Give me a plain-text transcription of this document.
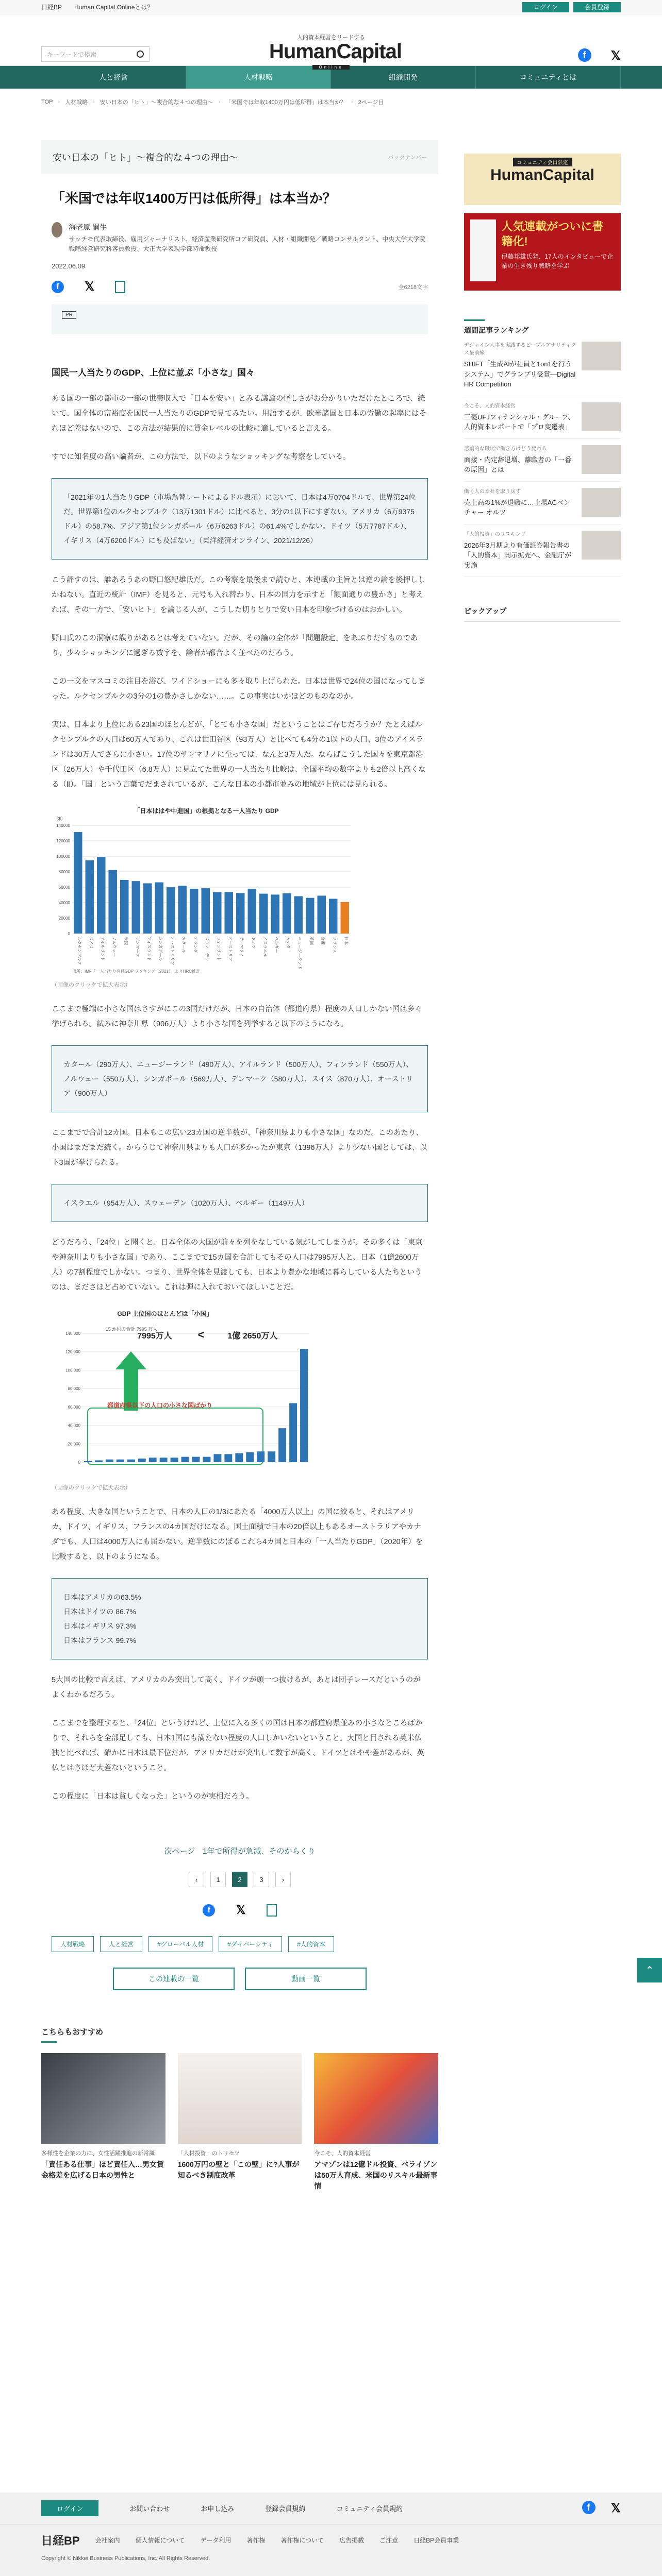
日経BP Human Capital Onlineとは？	ログイン	会員登録
キーワードで検索
人的資本経営をリードする
HumanCapital
Online
f	𝕏
人と経営	人材戦略	組織開発	コミュニティとは
TOP › 人材戦略 › 安い日本の「ヒト」〜複合的な４つの理由〜 › 「米国では年収1400万円は低所得」は本当か？ › 2ページ目
安い日本の「ヒト」〜複合的な４つの理由〜	バックナンバー
「米国では年収1400万円は低所得」は本当か？
海老原 嗣生
サッチモ代表取締役、雇用ジャーナリスト、経済産業研究所コア研究員、人材・組織開発／戦略コンサルタント、中央大学大学院戦略経営研究科客員教授、大正大学表現学部特命教授
2022.06.09
f	𝕏	全6218文字
PR
国民一人当たりのGDP、上位に並ぶ「小さな」国々

ある国の一部の都市の一部の世帯収入で「日本を安い」とみる議論の怪しさがお分かりいただけたところで、続いて、国全体の富裕度を国民一人当たりのGDPで見てみたい。用語するが、欧米諸国と日本の労働の起率にはそれほど差はないので、この方法が結果的に賃金レベルの比較に適していると言える。

すでに知名度の高い論者が、この方法で、以下のようなショッキングな考察をしている。

「2021年の1人当たりGDP（市場為替レートによるドル表示）において、日本は4万0704ドルで、世界第24位だ。世界第1位のルクセンブルク（13万1301ドル）に比べると、3分の1以下にすぎない。アメリカ（6万9375ドル）の58.7%、アジア第1位シンガポール（6万6263ドル）の61.4%でしかない。ドイツ（5万7787ドル）、イギリス（4万6200ドル）にも及ばない」（東洋経済オンライン、2021/12/26）

こう評すのは、誰あろうあの野口悠紀雄氏だ。この考察を最後まで読むと、本連載の主旨とは逆の論を後押ししかねない。直近の統計（IMF）を見ると、元号も入れ替わり、日本の国力を示すと「額面通りの豊かさ」と考えれば、その一方で、「安いヒト」を論じる人が、こうした切りとりで安い日本を印象づけるのはおかしい。

野口氏のこの洞察に誤りがあるとは考えていない。だが、その論の全体が「問題設定」をあぶりだすものであり、少々ショッキングに過ぎる数字を、論者が都合よく並べたのだろう。

この一文をマスコミの注目を浴び、ワイドショーにも多々取り上げられた。日本は世界で24位の国になってしまった。ルクセンブルクの3分の1の豊かさしかない……。この事実はいかほどのものなのか。

実は、日本より上位にある23国のほとんどが、「とても小さな国」だということはご存じだろうか？たとえばルクセンブルクの人口は60万人であり、これは世田谷区（93万人）と比べても4分の1以下の人口、3位のアイスランドは30万人でさらに小さい。17位のサンマリノに至っては、なんと3万人だ。ならばこうした国々を東京都港区（26万人）や千代田区（6.8万人）に見立てた世界の一人当たり比較は、全国平均の数字よりも2倍以上高くなる（Ⅱ）。「国」という言葉でだまされているが、こんな日本の小都市並みの地域が上位には見られる。

「日本ははや中進国」の根拠となる一人当たり GDP
（$）
0
20000
40000
60000
80000
100000
120000
140000
ルクセンブルク スイス アイルランド ノルウェー 米国 デンマーク アイスランド シンガポール オーストラリア カタール オランダ スウェーデン フィンランド オーストリア サンマリノ ドイツ イスラエル ベルギー カナダ ニュージーランド 英国 香港 フランス 日本
出所：IMF「一人当たり名目GDP ランキング（2021）」よりHRC推計
（画像のクリックで拡大表示）

ここまで極端に小さな国はさすがにこの3国だけだが、日本の自治体（都道府県）程度の人口しかない国は多々挙げられる。試みに神奈川県（906万人）より小さな国を列挙すると以下のようになる。

カタール（290万人）、ニュージーランド（490万人）、アイルランド（500万人）、フィンランド（550万人）、ノルウェー（550万人）、シンガポール（569万人）、デンマーク（580万人）、スイス（870万人）、オーストリア（900万人）

ここまでで合計12カ国。日本もこの広い23カ国の逆半数が、「神奈川県よりも小さな国」なのだ。このあたり、小国はまだまだ続く。からうじて神奈川県よりも人口が多かったが東京（1396万人）より少ない国としては、以下3国が挙げられる。

イスラエル（954万人）、スウェーデン（1020万人）、ベルギー（1149万人）

どうだろう、「24位」と聞くと、日本全体の大国が前々を列をなしている気がしてしまうが、その多くは「東京や神奈川よりも小さな国」であり、ここまでで15カ国を合計してもその人口は7995万人と、日本（1億2600万人）の7割程度でしかない。つまり、世界全体を見渡しても、日本より豊かな地域に暮らしている人たちというのは、まださほど占めていない。これは弾に入れておいてほしいことだ。

GDP 上位国のほとんどは「小国」
0
20,000
40,000
60,000
80,000
100,000
120,000
140,000	7995万人 <	1億 2650万人
15 か国の合計 7995 万人
都道府県以下の人口の小さな国ばかり
（画像のクリックで拡大表示）

ある程度、大きな国ということで、日本の人口の1/3にあたる「4000万人以上」の国に絞ると、それはアメリカ、ドイツ、イギリス、フランスの4カ国だけになる。国土面積で日本の20倍以上もあるオーストラリアやカナダでも、人口は4000万人にも届かない。逆半数にのぼるこれら4カ国と日本の「一人当たりGDP」（2020年）を比較すると、以下のようになる。

日本はアメリカの63.5%
日本はドイツの 86.7%
日本はイギリス 97.3%
日本はフランス 99.7%

5大国の比較で言えば、アメリカのみ突出して高く、ドイツが頭一つ抜けるが、あとは団子レースだというのがよくわかるだろう。

ここまでを整理すると、「24位」というけれど、上位に入る多くの国は日本の都道府県並みの小さなところばかりで、それらを全部足しても、日本1国にも満たない程度の人口しかいないということ。大国と目される英米仏独と比べれば、確かに日本は最下位だが、アメリカだけが突出して数字が高く、ドイツとはやや差があるが、英仏とはさほど大差ないということ。

この程度に「日本は貧しくなった」というのが実相だろう。

次ページ　1年で所得が急減、そのからくり
‹	1	2	3	›
f	𝕏
人材戦略	人と経営	#グローバル人材	#ダイバーシティ	#人的資本
この連載の一覧	動画一覧
こちらもおすすめ
多様性を企業の力に、女性活躍推進の新常識
「責任ある仕事」ほど責任入…男女賃金格差を広げる日本の男性と
「人材投資」のトリセツ
1600万円の壁と「この壁」に?人事が知るべき制度改革
今こそ、人的資本経営
アマゾンは12億ドル投資、ベライゾンは50万人育成、米国のリスキル最新事情
コミュニティ会員限定
HumanCapital
人気連載がついに書籍化!
伊藤邦雄氏発、17人のインタビューで企業の生き残り戦略を学ぶ
週間記事ランキング
デジャイン人事を実践するピープルアナリティクス最前線
SHIFT「生成AIが社員と1on1を行うシステム」でグランプリ受賞―Digital HR Competition
今こそ、人的資本経営
三菱UFJフィナンシャル・グループ、人的資本レポートで「プロ変遷表」
悲劇的な職場で働き方はどう変わる
面接・内定辞退増、離職者の「一番の原因」とは
働く人の幸せを取り戻す
売上高の1%が退職に…上場ACベンチャー オルツ
「人的投資」のリスキング
2026年3月期より有価証券報告書の「人的資本」開示拡充へ、金融庁が実施
ピックアップ
⌃
ログイン	お問い合わせ	お申し込み	登録会員規約	コミュニティ会員規約	f	𝕏
日経BP	会社案内	個人情報について	データ利用	著作権	著作権について	広告掲載	ご注意	日経BP会員事業
Copyright © Nikkei Business Publications, Inc. All Rights Reserved.
